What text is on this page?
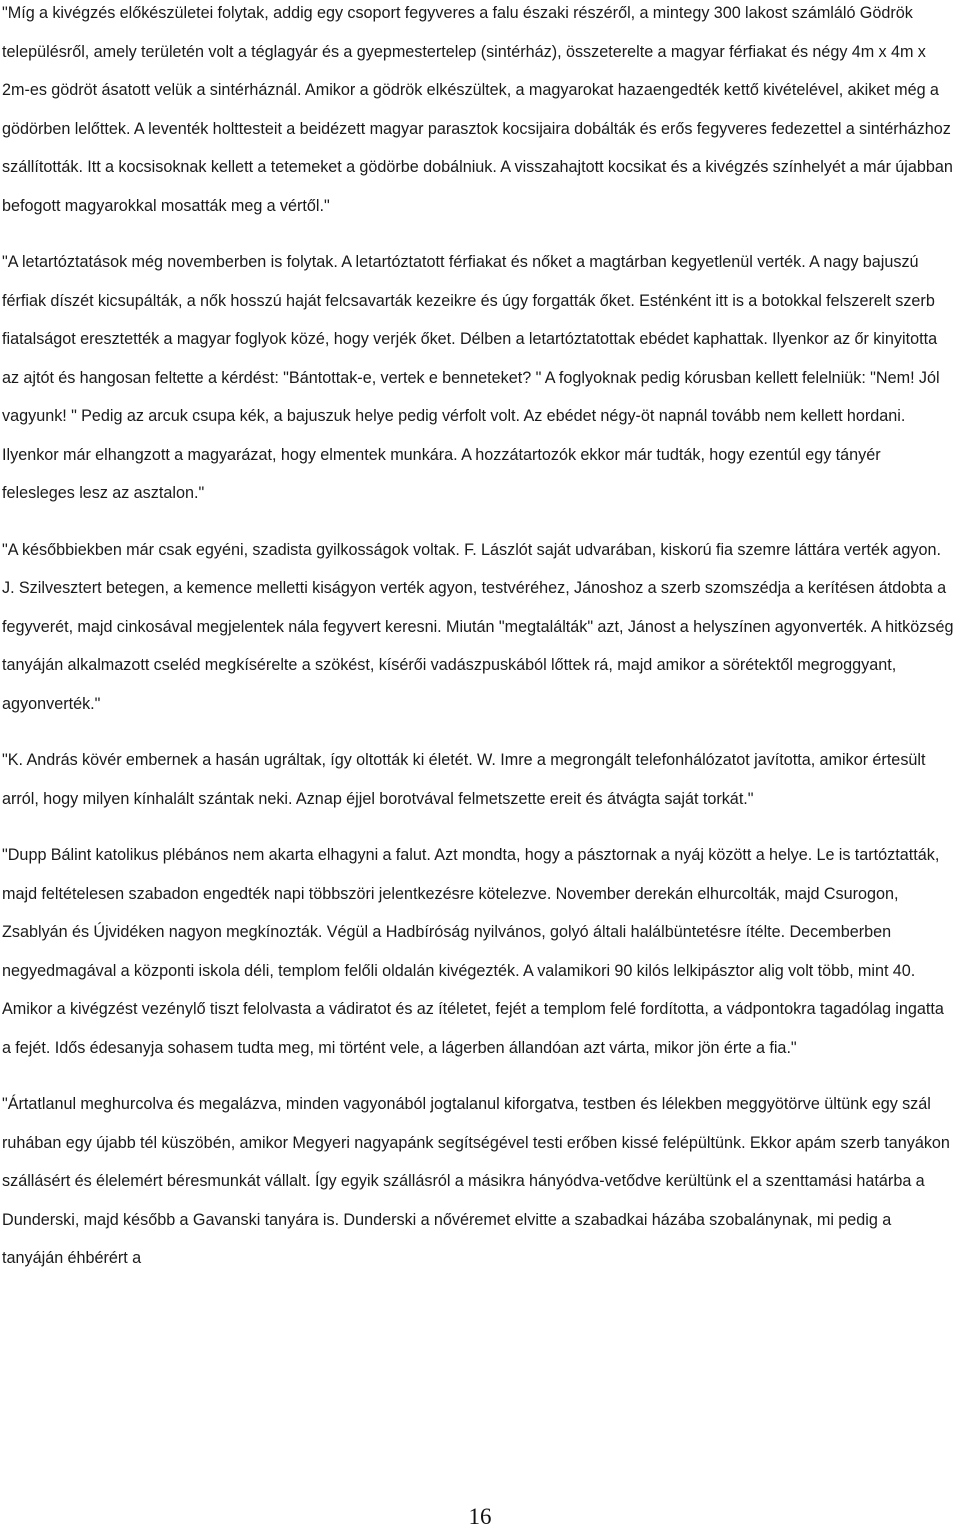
"Míg a kivégzés előkészületei folytak, addig egy csoport fegyveres a falu északi részéről, a mintegy 300 lakost számláló Gödrök településről, amely területén volt a téglagyár és a gyepmestertelep (sintérház), összeterelte a magyar férfiakat és négy 4m x 4m x 2m-es gödröt ásatott velük a sintérháznál. Amikor a gödrök elkészültek, a magyarokat hazaengedték kettő kivételével, akiket még a gödörben lelőttek. A leventék holttesteit a beidézett magyar parasztok kocsijaira dobálták és erős fegyveres fedezettel a sintérházhoz szállították. Itt a kocsisoknak kellett a tetemeket a gödörbe dobálniuk. A visszahajtott kocsikat és a kivégzés színhelyét a már újabban befogott magyarokkal mosatták meg a vértől."

"A letartóztatások még novemberben is folytak. A letartóztatott férfiakat és nőket a magtárban kegyetlenül verték. A nagy bajuszú férfiak díszét kicsupálták, a nők hosszú haját felcsavarták kezeikre és úgy forgatták őket. Esténként itt is a botokkal felszerelt szerb fiatalságot eresztették a magyar foglyok közé, hogy verjék őket. Délben a letartóztatottak ebédet kaphattak. Ilyenkor az őr kinyitotta az ajtót és hangosan feltette a kérdést: "Bántottak-e, vertek e benneteket? " A foglyoknak pedig kórusban kellett felelniük: "Nem! Jól vagyunk! " Pedig az arcuk csupa kék, a bajuszuk helye pedig vérfolt volt. Az ebédet négy-öt napnál tovább nem kellett hordani. Ilyenkor már elhangzott a magyarázat, hogy elmentek munkára. A hozzátartozók ekkor már tudták, hogy ezentúl egy tányér felesleges lesz az asztalon."

"A későbbiekben már csak egyéni, szadista gyilkosságok voltak. F. Lászlót saját udvarában, kiskorú fia szemre láttára verték agyon. J. Szilvesztert betegen, a kemence melletti kiságyon verték agyon, testvéréhez, Jánoshoz a szerb szomszédja a kerítésen átdobta a fegyverét, majd cinkosával megjelentek nála fegyvert keresni. Miután "megtalálták" azt, Jánost a helyszínen agyonverték. A hitközség tanyáján alkalmazott cseléd megkísérelte a szökést, kísérői vadászpuskából lőttek rá, majd amikor a sörétektől megroggyant, agyonverték."

"K. András kövér embernek a hasán ugráltak, így oltották ki életét. W. Imre a megrongált telefonhálózatot javította, amikor értesült arról, hogy milyen kínhalált szántak neki. Aznap éjjel borotvával felmetszette ereit és átvágta saját torkát."

"Dupp Bálint katolikus plébános nem akarta elhagyni a falut. Azt mondta, hogy a pásztornak a nyáj között a helye. Le is tartóztatták, majd feltételesen szabadon engedték napi többszöri jelentkezésre kötelezve. November derekán elhurcolták, majd Csurogon, Zsablyán és Újvidéken nagyon megkínozták. Végül a Hadbíróság nyilvános, golyó általi halálbüntetésre ítélte. Decemberben negyedmagával a központi iskola déli, templom felőli oldalán kivégezték. A valamikori 90 kilós lelkipásztor alig volt több, mint 40. Amikor a kivégzést vezénylő tiszt felolvasta a vádiratot és az ítéletet, fejét a templom felé fordította, a vádpontokra tagadólag ingatta a fejét. Idős édesanyja sohasem tudta meg, mi történt vele, a lágerben állandóan azt várta, mikor jön érte a fia."

"Ártatlanul meghurcolva és megalázva, minden vagyonából jogtalanul kiforgatva, testben és lélekben meggyötörve ültünk egy szál ruhában egy újabb tél küszöbén, amikor Megyeri nagyapánk segítségével testi erőben kissé felépültünk. Ekkor apám szerb tanyákon szállásért és élelemért béresmunkát vállalt. Így egyik szállásról a másikra hányódva-vetődve kerültünk el a szenttamási határba a Dunderski, majd később a Gavanski tanyára is. Dunderski a nővéremet elvitte a szabadkai házába szobalánynak, mi pedig a tanyáján éhbérért a

16
